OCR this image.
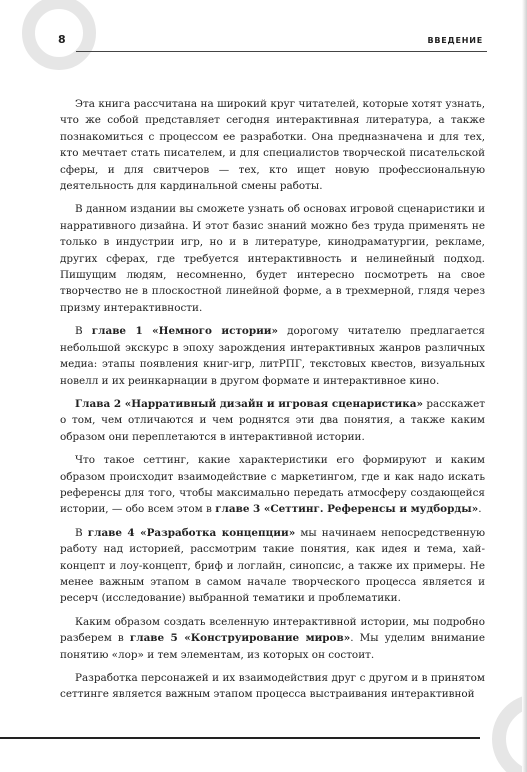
8	ВВЕДЕНИЕ

Эта книга рассчитана на широкий круг читателей, которые хотят узнать, что же собой представляет сегодня интерактивная литература, а также познакомиться с процессом ее разработки. Она предназначена и для тех, кто мечтает стать писателем, и для специалистов творческой писательской сферы, и для свитчеров — тех, кто ищет новую профессиональную деятельность для кардинальной смены работы.

В данном издании вы сможете узнать об основах игровой сценаристики и нарративного дизайна. И этот базис знаний можно без труда применять не только в индустрии игр, но и в литературе, кинодраматургии, рекламе, других сферах, где требуется интерактивность и нелинейный подход. Пишущим людям, несомненно, будет интересно посмотреть на свое творчество не в плоскостной линейной форме, а в трехмерной, глядя через призму интерактивности.

В главе 1 «Немного истории» дорогому читателю предлагается небольшой экскурс в эпоху зарождения интерактивных жанров различных медиа: этапы появления книг-игр, литРПГ, текстовых квестов, визуальных новелл и их реинкарнации в другом формате и интерактивное кино.

Глава 2 «Нарративный дизайн и игровая сценаристика» расскажет о том, чем отличаются и чем роднятся эти два понятия, а также каким образом они переплетаются в интерактивной истории.

Что такое сеттинг, какие характеристики его формируют и каким образом происходит взаимодействие с маркетингом, где и как надо искать референсы для того, чтобы максимально передать атмосферу создающейся истории, — обо всем этом в главе 3 «Сеттинг. Референсы и мудборды».

В главе 4 «Разработка концепции» мы начинаем непосредственную работу над историей, рассмотрим такие понятия, как идея и тема, хай-концепт и лоу-концепт, бриф и логлайн, синопсис, а также их примеры. Не менее важным этапом в самом начале творческого процесса является и ресерч (исследование) выбранной тематики и проблематики.

Каким образом создать вселенную интерактивной истории, мы подробно разберем в главе 5 «Конструирование миров». Мы уделим внимание понятию «лор» и тем элементам, из которых он состоит.

Разработка персонажей и их взаимодействия друг с другом и в принятом сеттинге является важным этапом процесса выстраивания интерактивной
